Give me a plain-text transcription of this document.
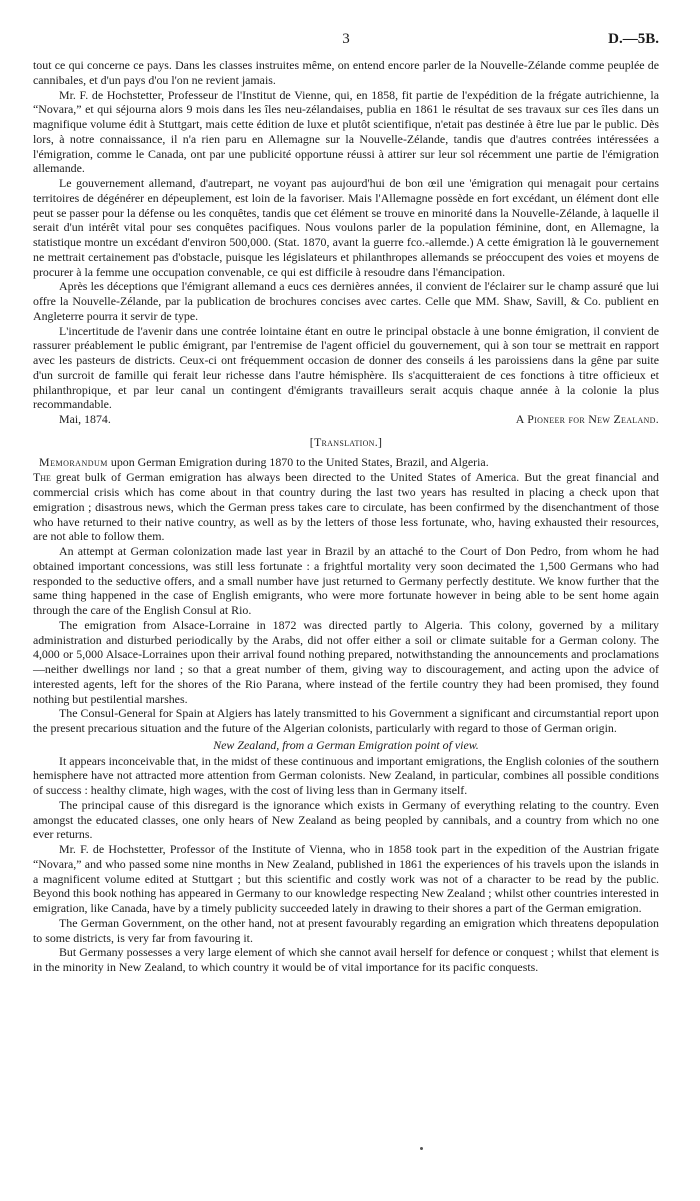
3	D.—5B.

tout ce qui concerne ce pays. Dans les classes instruites même, on entend encore parler de la Nouvelle-Zélande comme peuplée de cannibales, et d'un pays d'ou l'on ne revient jamais.

Mr. F. de Hochstetter, Professeur de l'Institut de Vienne, qui, en 1858, fit partie de l'expédition de la frégate autrichienne, la “Novara,” et qui séjourna alors 9 mois dans les îles neu-zélandaises, publia en 1861 le résultat de ses travaux sur ces îles dans un magnifique volume édit à Stuttgart, mais cette édition de luxe et plutôt scientifique, n'etait pas destinée à être lue par le public. Dès lors, à notre connaissance, il n'a rien paru en Allemagne sur la Nouvelle-Zélande, tandis que d'autres contrées intéressées a l'émigration, comme le Canada, ont par une publicité opportune réussi à attirer sur leur sol récemment une partie de l'émigration allemande.

Le gouvernement allemand, d'autrepart, ne voyant pas aujourd'hui de bon œil une 'émigration qui menagait pour certains territoires de dégénérer en dépeuplement, est loin de la favoriser. Mais l'Allemagne possède en fort excédant, un élément dont elle peut se passer pour la défense ou les conquêtes, tandis que cet élément se trouve en minorité dans la Nouvelle-Zélande, à laquelle il serait d'un intérêt vital pour ses conquêtes pacifiques. Nous voulons parler de la population féminine, dont, en Allemagne, la statistique montre un excédant d'environ 500,000. (Stat. 1870, avant la guerre fco.-allemde.) A cette émigration là le gouvernement ne mettrait certainement pas d'obstacle, puisque les législateurs et philanthropes allemands se préoccupent des voies et moyens de procurer à la femme une occupation convenable, ce qui est difficile à resoudre dans l'émancipation.

Après les déceptions que l'émigrant allemand a eucs ces dernières années, il convient de l'éclairer sur le champ assuré que lui offre la Nouvelle-Zélande, par la publication de brochures concises avec cartes. Celle que MM. Shaw, Savill, & Co. publient en Angleterre pourra it servir de type.

L'incertitude de l'avenir dans une contrée lointaine étant en outre le principal obstacle à une bonne émigration, il convient de rassurer préablement le public émigrant, par l'entremise de l'agent officiel du gouvernement, qui à son tour se mettrait en rapport avec les pasteurs de districts. Ceux-ci ont fréquemment occasion de donner des conseils á les paroissiens dans la gêne par suite d'un surcroit de famille qui ferait leur richesse dans l'autre hémisphère. Ils s'acquitteraient de ces fonctions à titre officieux et philanthropique, et par leur canal un contingent d'émigrants travailleurs serait acquis chaque année à la colonie la plus recommandable.

Mai, 1874.	A Pioneer for New Zealand.
[Translation.]

Memorandum upon German Emigration during 1870 to the United States, Brazil, and Algeria.

The great bulk of German emigration has always been directed to the United States of America. But the great financial and commercial crisis which has come about in that country during the last two years has resulted in placing a check upon that emigration ; disastrous news, which the German press takes care to circulate, has been confirmed by the disenchantment of those who have returned to their native country, as well as by the letters of those less fortunate, who, having exhausted their resources, are not able to follow them.

An attempt at German colonization made last year in Brazil by an attaché to the Court of Don Pedro, from whom he had obtained important concessions, was still less fortunate : a frightful mortality very soon decimated the 1,500 Germans who had responded to the seductive offers, and a small number have just returned to Germany perfectly destitute. We know further that the same thing happened in the case of English emigrants, who were more fortunate however in being able to be sent home again through the care of the English Consul at Rio.

The emigration from Alsace-Lorraine in 1872 was directed partly to Algeria. This colony, governed by a military administration and disturbed periodically by the Arabs, did not offer either a soil or climate suitable for a German colony. The 4,000 or 5,000 Alsace-Lorraines upon their arrival found nothing prepared, notwithstanding the announcements and proclamations—neither dwellings nor land ; so that a great number of them, giving way to discouragement, and acting upon the advice of interested agents, left for the shores of the Rio Parana, where instead of the fertile country they had been promised, they found nothing but pestilential marshes.

The Consul-General for Spain at Algiers has lately transmitted to his Government a significant and circumstantial report upon the present precarious situation and the future of the Algerian colonists, particularly with regard to those of German origin.

New Zealand, from a German Emigration point of view.

It appears inconceivable that, in the midst of these continuous and important emigrations, the English colonies of the southern hemisphere have not attracted more attention from German colonists. New Zealand, in particular, combines all possible conditions of success : healthy climate, high wages, with the cost of living less than in Germany itself.

The principal cause of this disregard is the ignorance which exists in Germany of everything relating to the country. Even amongst the educated classes, one only hears of New Zealand as being peopled by cannibals, and a country from which no one ever returns.

Mr. F. de Hochstetter, Professor of the Institute of Vienna, who in 1858 took part in the expedition of the Austrian frigate “Novara,” and who passed some nine months in New Zealand, published in 1861 the experiences of his travels upon the islands in a magnificent volume edited at Stuttgart ; but this scientific and costly work was not of a character to be read by the public. Beyond this book nothing has appeared in Germany to our knowledge respecting New Zealand ; whilst other countries interested in emigration, like Canada, have by a timely publicity succeeded lately in drawing to their shores a part of the German emigration.

The German Government, on the other hand, not at present favourably regarding an emigration which threatens depopulation to some districts, is very far from favouring it.

But Germany possesses a very large element of which she cannot avail herself for defence or conquest ; whilst that element is in the minority in New Zealand, to which country it would be of vital importance for its pacific conquests.
